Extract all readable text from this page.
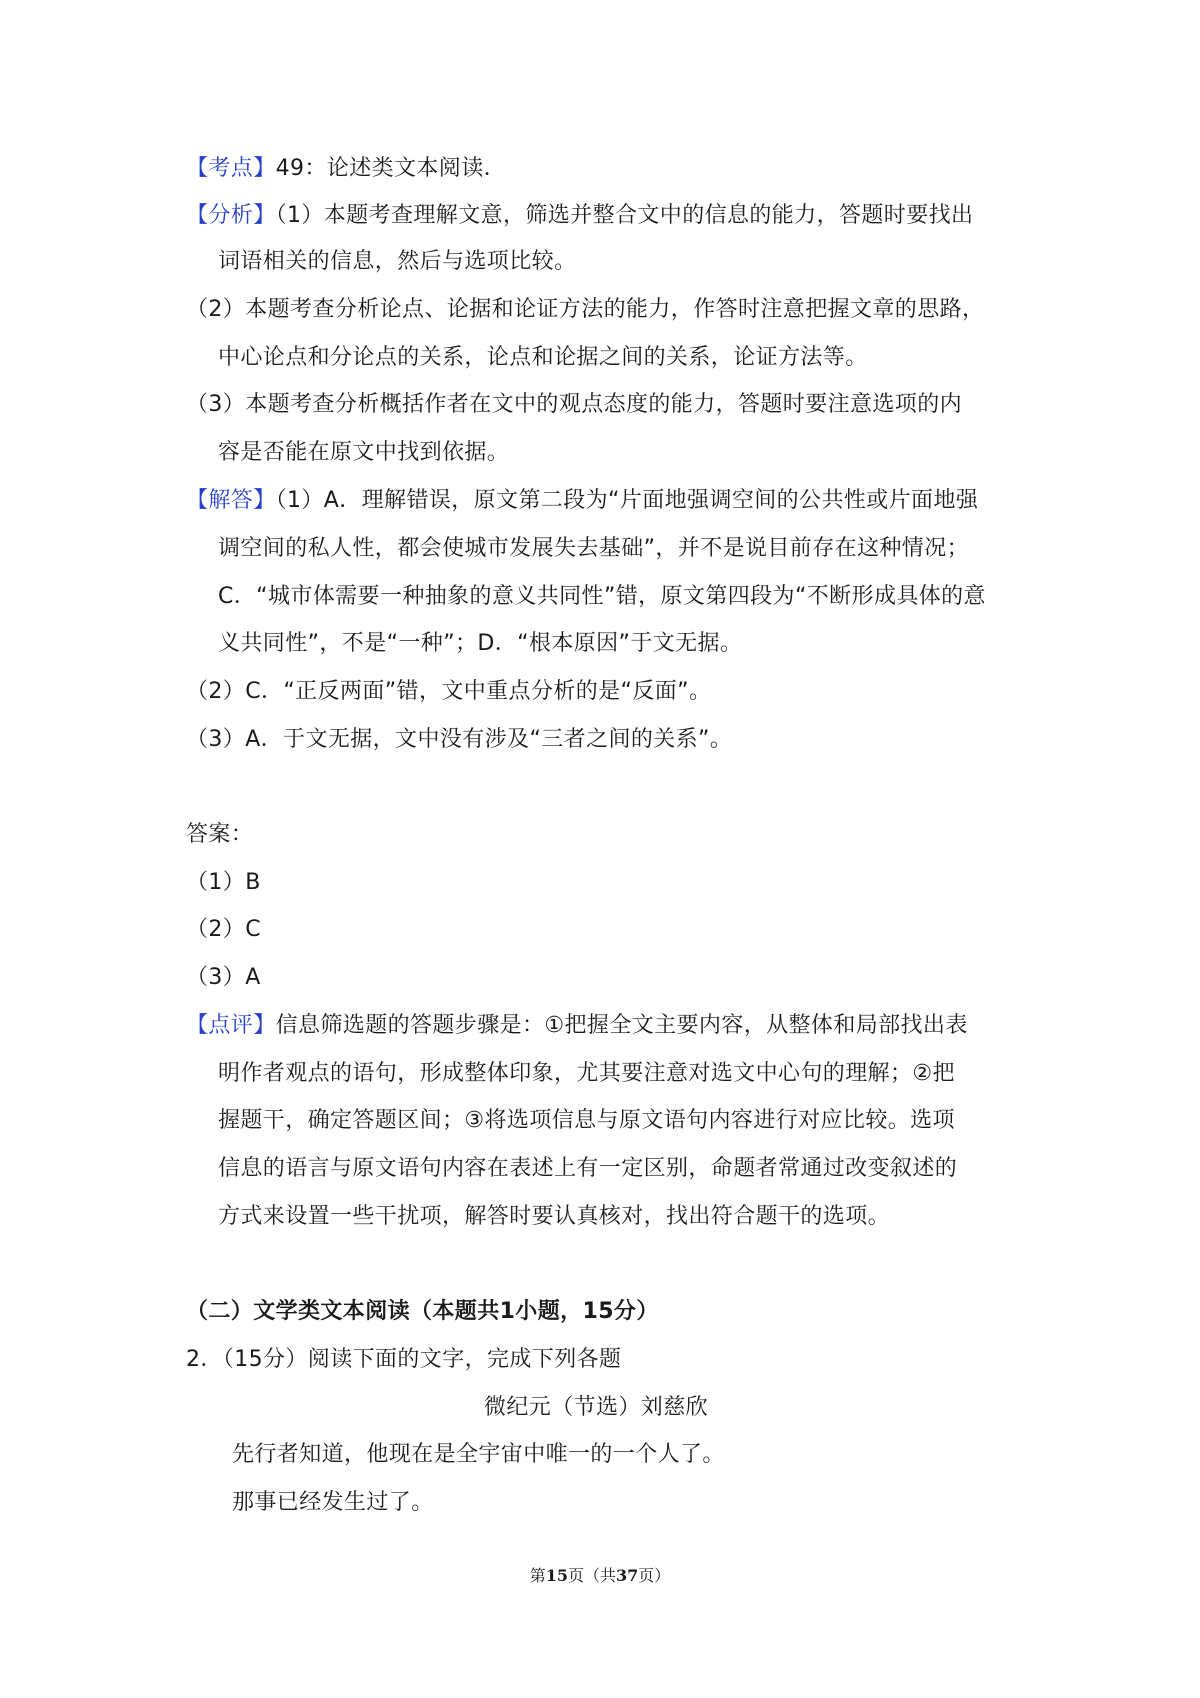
【考点】49：论述类文本阅读．
【分析】（1）本题考查理解文意，筛选并整合文中的信息的能力，答题时要找出
词语相关的信息，然后与选项比较。
（2）本题考查分析论点、论据和论证方法的能力，作答时注意把握文章的思路，
中心论点和分论点的关系，论点和论据之间的关系，论证方法等。
（3）本题考查分析概括作者在文中的观点态度的能力，答题时要注意选项的内
容是否能在原文中找到依据。
【解答】（1）A．理解错误，原文第二段为“片面地强调空间的公共性或片面地强
调空间的私人性，都会使城市发展失去基础”，并不是说目前存在这种情况；
C．“城市体需要一种抽象的意义共同性”错，原文第四段为“不断形成具体的意
义共同性”，不是“一种”；D．“根本原因”于文无据。
（2）C．“正反两面”错，文中重点分析的是“反面”。
（3）A．于文无据，文中没有涉及“三者之间的关系”。
答案：
（1）B
（2）C
（3）A
【点评】信息筛选题的答题步骤是：①把握全文主要内容，从整体和局部找出表
明作者观点的语句，形成整体印象，尤其要注意对选文中心句的理解；②把
握题干，确定答题区间；③将选项信息与原文语句内容进行对应比较。选项
信息的语言与原文语句内容在表述上有一定区别，命题者常通过改变叙述的
方式来设置一些干扰项，解答时要认真核对，找出符合题干的选项。
（二）文学类文本阅读（本题共1小题，15分）
2．（15分）阅读下面的文字，完成下列各题
微纪元（节选）刘慈欣
先行者知道，他现在是全宇宙中唯一的一个人了。
那事已经发生过了。
第15页（共37页）
